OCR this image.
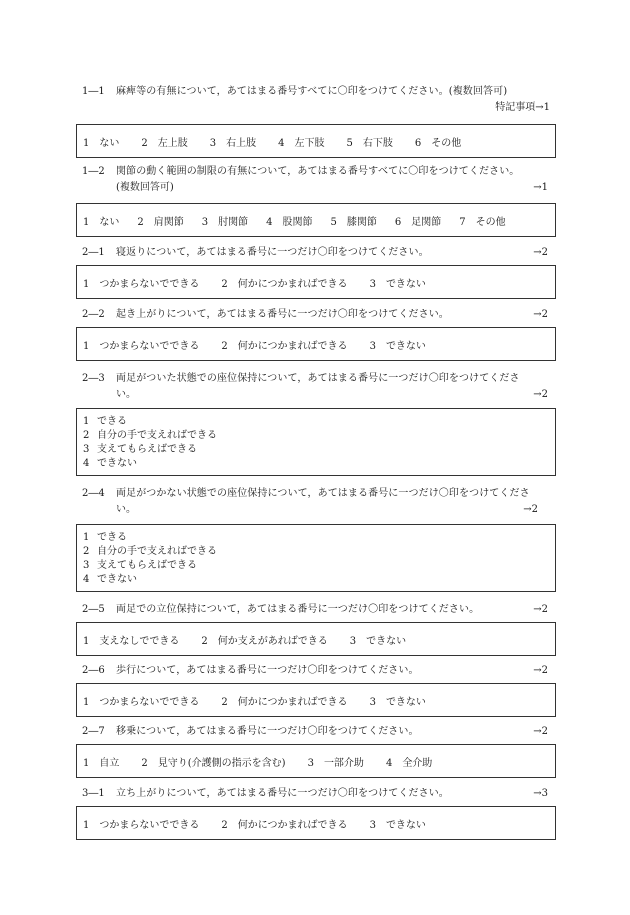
1―1 麻痺等の有無について，あてはまる番号すべてに〇印をつけてください。(複数回答可)
特記事項→1
1 ない 2 左上肢 3 右上肢 4 左下肢 5 右下肢 6 その他
1―2 関節の動く範囲の制限の有無について，あてはまる番号すべてに〇印をつけてください。
(複数回答可)	→1
1 ない 2 肩関節 3 肘関節 4 股関節 5 膝関節 6 足関節 7 その他
2―1 寝返りについて，あてはまる番号に一つだけ〇印をつけてください。	→2
1 つかまらないでできる 2 何かにつかまればできる 3 できない
2―2 起き上がりについて，あてはまる番号に一つだけ〇印をつけてください。	→2
1 つかまらないでできる 2 何かにつかまればできる 3 できない
2―3 両足がついた状態での座位保持について，あてはまる番号に一つだけ〇印をつけてくださ
い。	→2
1 できる
2 自分の手で支えればできる
3 支えてもらえばできる
4 できない
2―4 両足がつかない状態での座位保持について，あてはまる番号に一つだけ〇印をつけてくださ
い。	→2
1 できる
2 自分の手で支えればできる
3 支えてもらえばできる
4 できない
2―5 両足での立位保持について，あてはまる番号に一つだけ〇印をつけてください。	→2
1 支えなしでできる 2 何か支えがあればできる 3 できない
2―6 歩行について，あてはまる番号に一つだけ〇印をつけてください。	→2
1 つかまらないでできる 2 何かにつかまればできる 3 できない
2―7 移乗について，あてはまる番号に一つだけ〇印をつけてください。	→2
1 自立 2 見守り(介護側の指示を含む) 3 一部介助 4 全介助
3―1 立ち上がりについて，あてはまる番号に一つだけ〇印をつけてください。	→3
1 つかまらないでできる 2 何かにつかまればできる 3 できない
